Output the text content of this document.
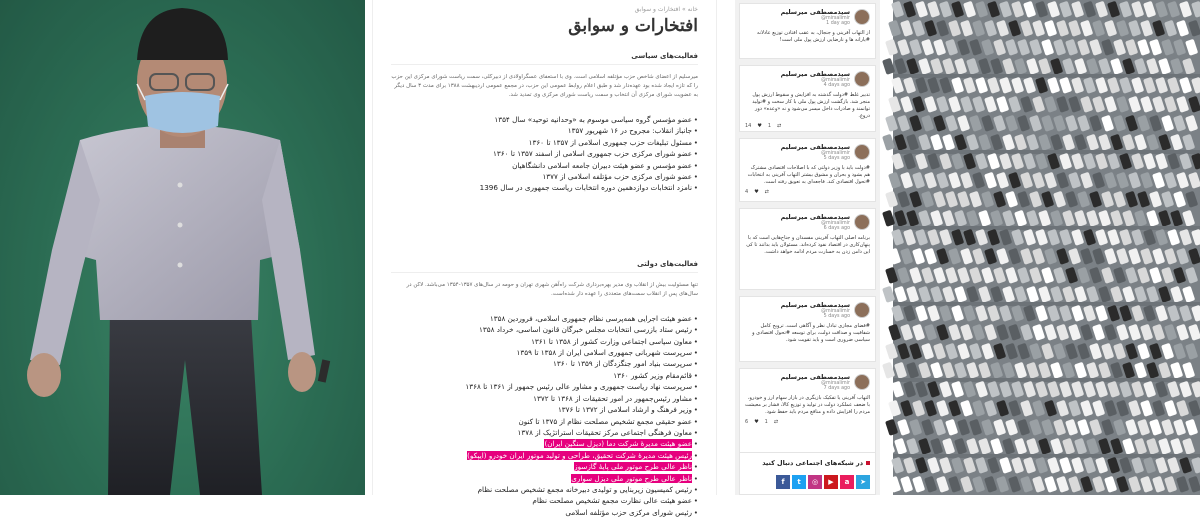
خانه » افتخارات و سوابق
افتخارات و سوابق
فعالیت‌های سیاسی
میرسلیم از اعضای شاخص حزب مؤتلفه اسلامی است. وی با استعفای عسگراولادی از دبیرکلی، سمت ریاست شورای مرکزی این حزب را که تازه ایجاد شده بود عهده‌دار شد و طبق اعلام روابط عمومی این حزب، در مجمع عمومی اردیبهشت ۱۳۸۸ برای مدت ۳ سال دیگر به عضویت شورای مرکزی آن انتخاب و سمت ریاست شورای مرکزی وی تمدید شد.
• عضو مؤسس گروه سیاسی موسوم به «وحدانیه توحید» سال ۱۳۵۴
• جانباز انقلاب: مجروح در ۱۶ شهریور ۱۳۵۷
• مسئول تبلیغات حزب جمهوری اسلامی از ۱۳۵۷ تا ۱۳۶۰
• عضو شورای مرکزی حزب جمهوری اسلامی از اسفند ۱۳۵۷ تا ۱۳۶۰
• عضو مؤسس و عضو هیئت دبیران جامعه اسلامی دانشگاهیان
• عضو شورای مرکزی حزب مؤتلفه اسلامی از ۱۳۷۷
• نامزد انتخابات دوازدهمین دوره انتخابات ریاست جمهوری در سال 1396
فعالیت‌های دولتی
تنها مسئولیت بیش از انقلاب وی مدیر بهره‌برداری شرکت راه‌آهن شهری تهران و حومه در سال‌های ۱۳۵۷-۱۳۵۴ می‌باشد. لاکن در سال‌های پس از انقلاب سمت‌های متعددی را عهده دار شده‌است.
• عضو هیئت اجرایی همه‌پرسی نظام جمهوری اسلامی، فروردین ۱۳۵۸
• رئیس ستاد بازرسی انتخابات مجلس خبرگان قانون اساسی، خرداد ۱۳۵۸
• معاون سیاسی اجتماعی وزارت کشور از ۱۳۵۸ تا ۱۳۶۱
• سرپرست شهربانی جمهوری اسلامی ایران از ۱۳۵۸ تا ۱۳۵۹
• سرپرست بنیاد امور جنگزدگان از ۱۳۵۹ تا ۱۳۶۰
• قائم‌مقام وزیر کشور ۱۳۶۰
• سرپرست نهاد ریاست جمهوری و مشاور عالی رئیس جمهور از ۱۳۶۱ تا ۱۳۶۸
• مشاور رئیس‌جمهور در امور تحقیقات از ۱۳۶۸ تا ۱۳۷۲
• وزیر فرهنگ و ارشاد اسلامی از ۱۳۷۲ تا ۱۳۷۶
• عضو حقیقی مجمع تشخیص مصلحت نظام از ۱۳۷۵ تا کنون
• معاون فرهنگی اجتماعی مرکز تحقیقات استراتژیک از ۱۳۷۸
• عضو هیئت مدیرهٔ شرکت دما (دیزل سنگین ایران)
• رئیس هیئت مدیرهٔ شرکت تحقیق، طراحی و تولید موتور ایران خودرو (ایپکو)
• ناظر عالی طرح موتور ملی پایهٔ گازسوز
• ناظر عالی طرح موتور ملی دیزل سواری
• رئیس کمیسیون زیربنایی و تولیدی دبیرخانه مجمع تشخیص مصلحت نظام
• عضو هیئت عالی نظارت مجمع تشخیص مصلحت نظام
• رئیس شورای مرکزی حزب مؤتلفه اسلامی
سیدمصطفی میرسلیم
@mirsalimir
1 day ago
از التهاب آفرینی و جنجال، به عقب افتادن توزیع عادلانه #یارانه ها و نارضایی ارزش پول ملی است!
سیدمصطفی میرسلیم
@mirsalimir
4 days ago
تدبیر غلط #دولت گذشته به افزایش و سقوط ارزش پول منجر شد. بازگشت ارزش پول ملی با کار سخت و #تولید توانمند و صادرات داخل میسر می‌شود و نه «وعده» دور دروغ.
14 ♥ 1 ⇄
سیدمصطفی میرسلیم
@mirsalimir
5 days ago
#دولت باید با وزیر دولتی که با اصلاحات اقتصادی مشترک هم بشود و بحران و مشوق بیشتر التهاب آفرینی به انتخابات #تحول اقتصادی کند. فاجعه‌ای به تعویق رفته است.
4 ♥ ⇄
سیدمصطفی میرسلیم
@mirsalimir
6 days ago
برنامه اصلی التهاب آفرینی مفسدان و جناح‌هایی است که با پنهان‌کاری در اقتصاد نفوذ کرده‌اند. مسئولان باید بدانند تا کی این دامن زدن به خسارت مردم ادامه خواهد داشت.
سیدمصطفی میرسلیم
@mirsalimir
5 days ago
#فضای مجازی تبادل نظر و آگاهی است. ترویج کامل شفافیت و صداقت دولت، برای توسعه #تحول اقتصادی و سیاسی ضروری است و باید تقویت شود.
سیدمصطفی میرسلیم
@mirsalimir
7 days ago
التهاب آفرینی یا تفکیک بازیگری در بازار سهام ارز و خودرو، با ضعف عملکرد دولت در تولید و توزیع کالا، فشار بر معیشت مردم را افزایش داده و منافع مردم باید حفظ شود.
6 ♥ 1 ⇄
در شبکه‌های اجتماعی دنبال کنید
f	t	◎	▶	a	➤
